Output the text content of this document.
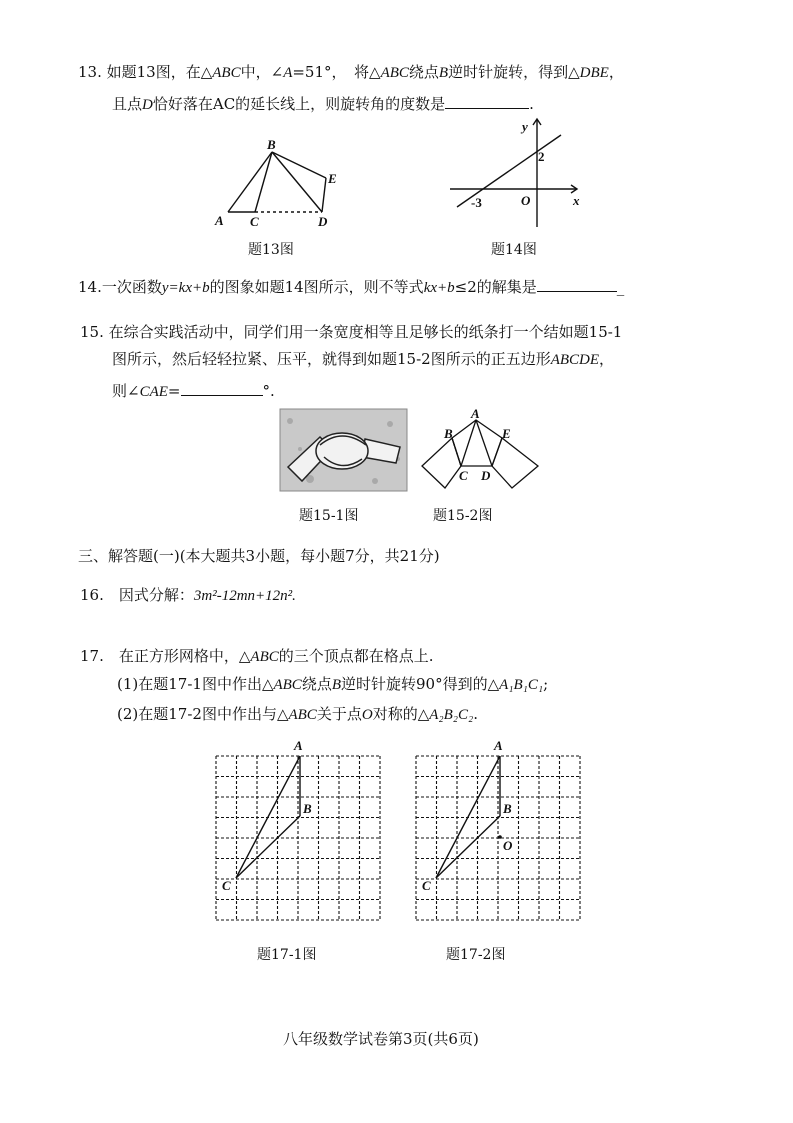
13. 如题13图，在△ABC中，∠A=51°，　将△ABC绕点B逆时针旋转，得到△DBE，
且点D恰好落在AC的延长线上，则旋转角的度数是	.
A
B
C	D
E
题13图
y
x
O
2
-3
题14图
14.一次函数y=kx+b的图象如题14图所示，则不等式kx+b≤2的解集是	_
15. 在综合实践活动中，同学们用一条宽度相等且足够长的纸条打一个结如题15-1
图所示，然后轻轻拉紧、压平，就得到如题15-2图所示的正五边形ABCDE，
则∠CAE=	°.
题15-1图
A
B
C D
E
题15-2图
三、解答题(一)(本大题共3小题，每小题7分，共21分)
16.　 因式分解：3m²-12mn+12n².
17.　 在正方形网格中，△ABC的三个顶点都在格点上.
(1)在题17-1图中作出△ABC绕点B逆时针旋转90°得到的△A₁B₁C₁;
(2)在题17-2图中作出与△ABC关于点O对称的△A₂B₂C₂.
A
B
C
题17-1图
A
B
O
C
题17-2图
八年级数学试卷第3页(共6页)
